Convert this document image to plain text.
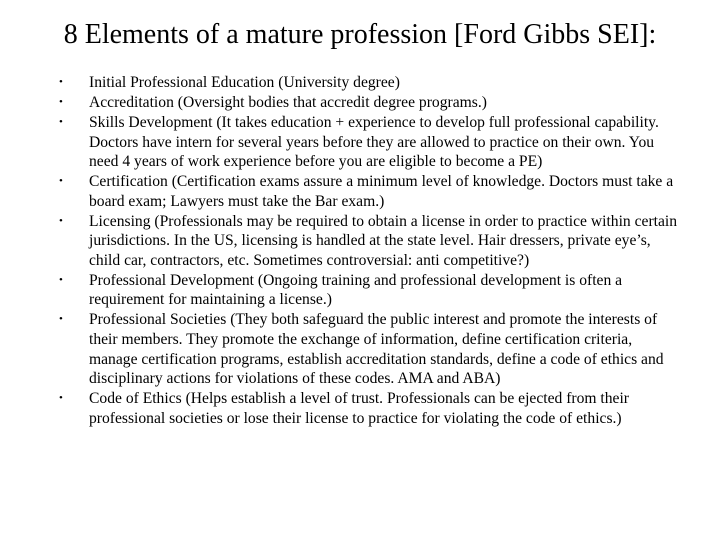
8 Elements of a mature profession [Ford Gibbs SEI]:
•	Initial Professional Education (University degree)
•	Accreditation (Oversight bodies that accredit degree programs.)
•	Skills Development (It takes education + experience to develop full professional capability. Doctors have intern for several years before they are allowed to practice on their own. You need 4 years of work experience before you are eligible to become a PE)
•	Certification (Certification exams assure a minimum level of knowledge. Doctors must take a board exam; Lawyers must take the Bar exam.)
•	Licensing (Professionals may be required to obtain a license in order to practice within certain jurisdictions. In the US, licensing is handled at the state level. Hair dressers, private eye’s, child car, contractors, etc. Sometimes controversial: anti competitive?)
•	Professional Development (Ongoing training and professional development is often a requirement for maintaining a license.)
•	Professional Societies (They both safeguard the public interest and promote the interests of their members. They promote the exchange of information, define certification criteria, manage certification programs, establish accreditation standards, define a code of ethics and disciplinary actions for violations of these codes. AMA and ABA)
•	Code of Ethics (Helps establish a level of trust. Professionals can be ejected from their professional societies or lose their license to practice for violating the code of ethics.)
